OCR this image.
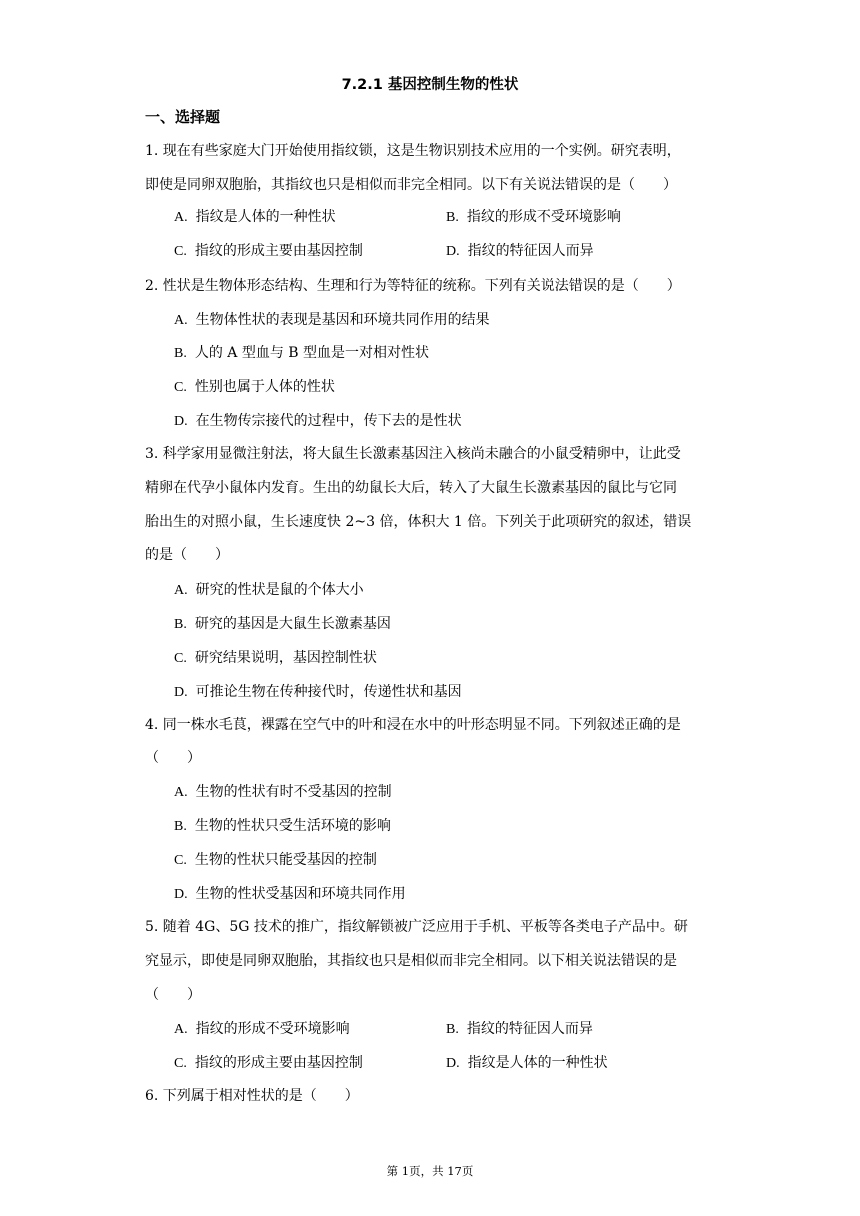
7.2.1 基因控制生物的性状
一、选择题
1. 现在有些家庭大门开始使用指纹锁，这是生物识别技术应用的一个实例。研究表明，
即使是同卵双胞胎，其指纹也只是相似而非完全相同。以下有关说法错误的是（　　）
A. 指纹是人体的一种性状	B. 指纹的形成不受环境影响
C. 指纹的形成主要由基因控制	D. 指纹的特征因人而异
2. 性状是生物体形态结构、生理和行为等特征的统称。下列有关说法错误的是（　　）
A. 生物体性状的表现是基因和环境共同作用的结果
B. 人的 A 型血与 B 型血是一对相对性状
C. 性别也属于人体的性状
D. 在生物传宗接代的过程中，传下去的是性状
3. 科学家用显微注射法，将大鼠生长激素基因注入核尚未融合的小鼠受精卵中，让此受
精卵在代孕小鼠体内发育。生出的幼鼠长大后，转入了大鼠生长激素基因的鼠比与它同
胎出生的对照小鼠，生长速度快 2~3 倍，体积大 1 倍。下列关于此项研究的叙述，错误
的是（　　）
A. 研究的性状是鼠的个体大小
B. 研究的基因是大鼠生长激素基因
C. 研究结果说明，基因控制性状
D. 可推论生物在传种接代时，传递性状和基因
4. 同一株水毛茛，裸露在空气中的叶和浸在水中的叶形态明显不同。下列叙述正确的是
（　　）
A. 生物的性状有时不受基因的控制
B. 生物的性状只受生活环境的影响
C. 生物的性状只能受基因的控制
D. 生物的性状受基因和环境共同作用
5. 随着 4G、5G 技术的推广，指纹解锁被广泛应用于手机、平板等各类电子产品中。研
究显示，即使是同卵双胞胎，其指纹也只是相似而非完全相同。以下相关说法错误的是
（　　）
A. 指纹的形成不受环境影响	B. 指纹的特征因人而异
C. 指纹的形成主要由基因控制	D. 指纹是人体的一种性状
6. 下列属于相对性状的是（　　）
第 1页，共 17页
